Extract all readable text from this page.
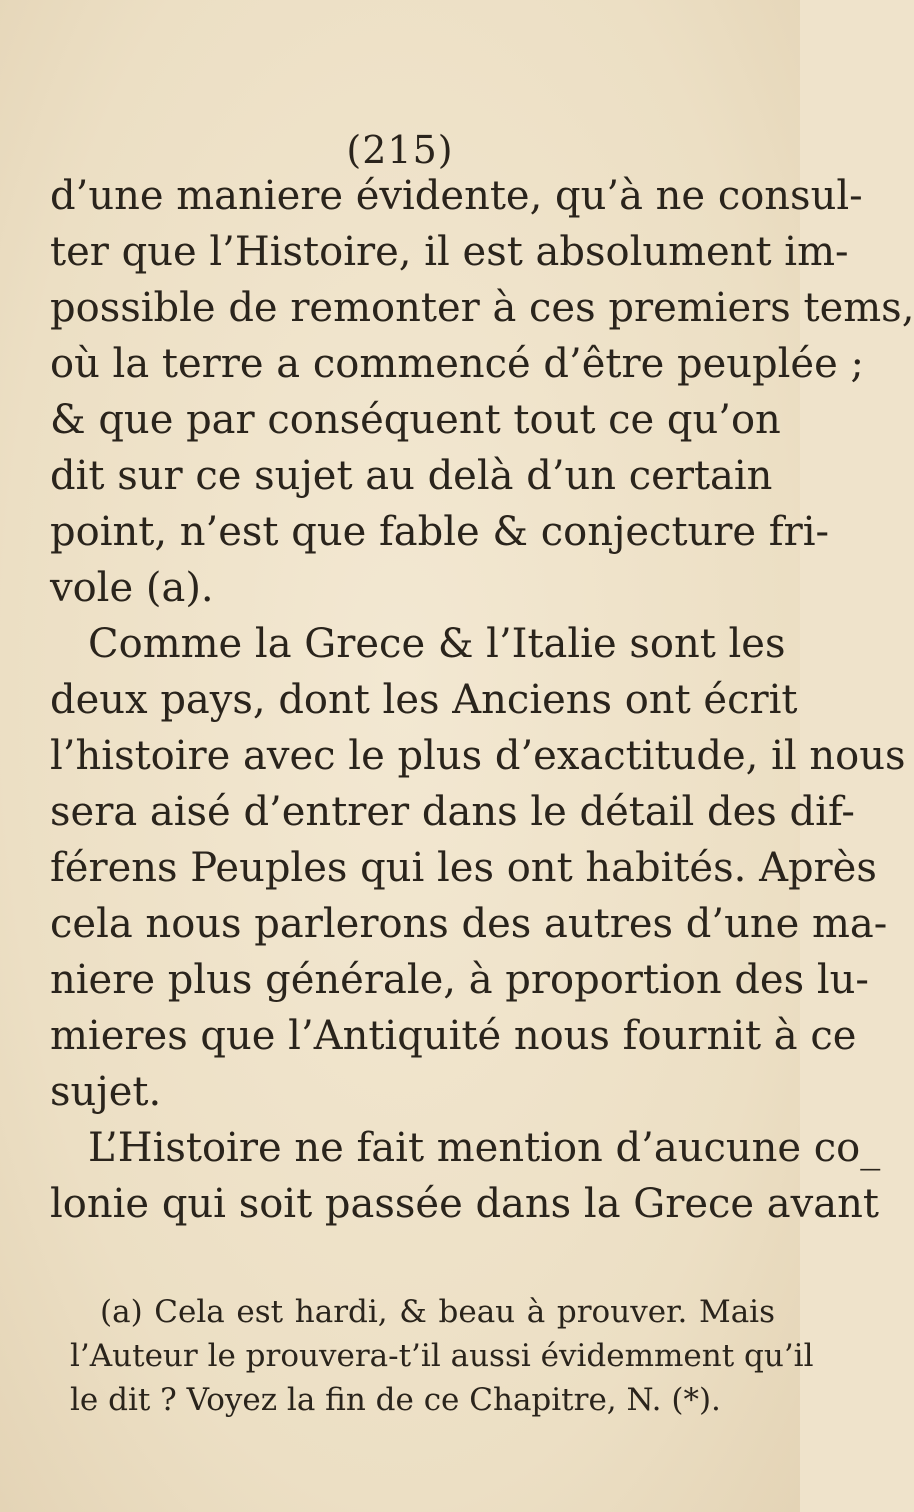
(215)
d’une maniere évidente, qu’à ne consul-
ter que l’Histoire, il est absolument im-
possible de remonter à ces premiers tems,
où la terre a commencé d’être peuplée ;
& que par conséquent tout ce qu’on
dit sur ce sujet au delà d’un certain
point, n’est que fable & conjecture fri-
vole (a).
Comme la Grece & l’Italie sont les
deux pays, dont les Anciens ont écrit
l’histoire avec le plus d’exactitude, il nous
sera aisé d’entrer dans le détail des dif-
férens Peuples qui les ont habités. Après
cela nous parlerons des autres d’une ma-
niere plus générale, à proportion des lu-
mieres que l’Antiquité nous fournit à ce
sujet.
L’Histoire ne fait mention d’aucune co_
lonie qui soit passée dans la Grece avant
(a) Cela est hardi, & beau à prouver. Mais
l’Auteur le prouvera-t’il aussi évidemment qu’il
le dit ? Voyez la fin de ce Chapitre, N. (*).
